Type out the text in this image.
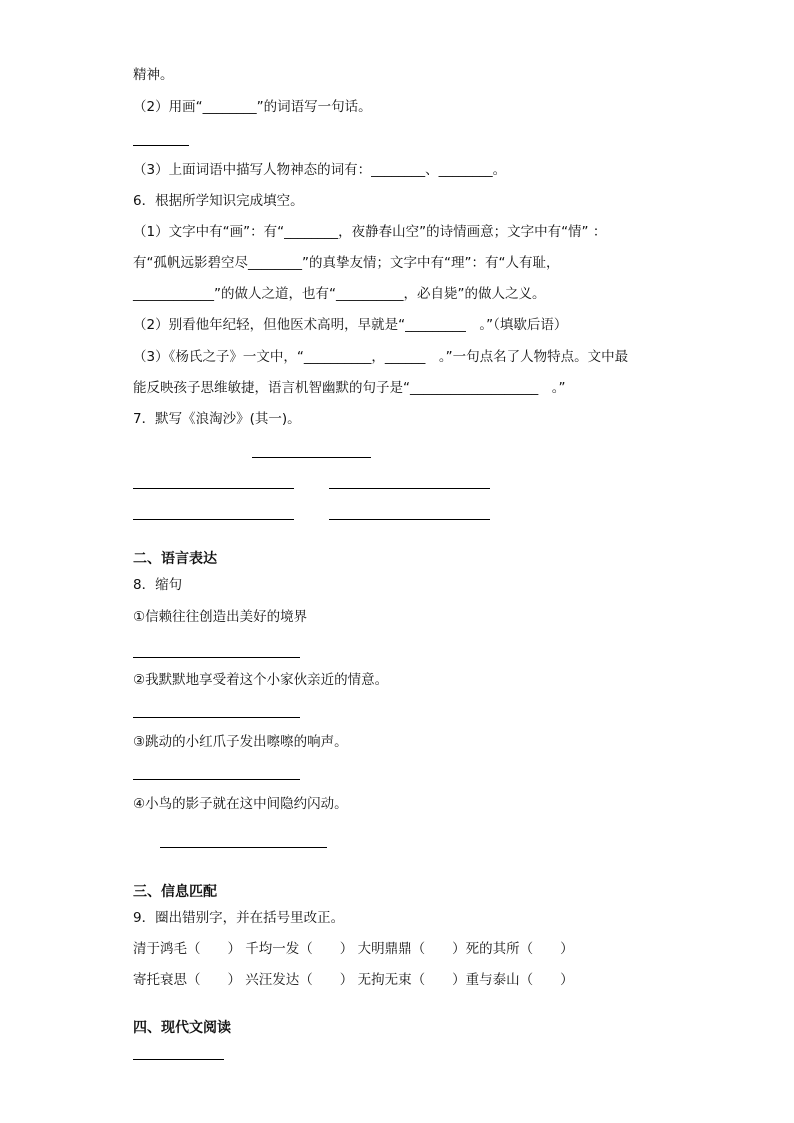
精神。
（2）用画“________”的词语写一句话。
（3）上面词语中描写人物神态的词有：________、________。
6．根据所学知识完成填空。
（1）文字中有“画”：有“________，夜静春山空”的诗情画意；文字中有“情” ：
有“孤帆远影碧空尽________”的真挚友情；文字中有“理”：有“人有耻，
____________”的做人之道，也有“__________，必自毙”的做人之义。
（2）别看他年纪轻，但他医术高明，早就是“_________　。”（填歇后语）
（3）《杨氏之子》一文中，“__________，______　。”一句点名了人物特点。文中最
能反映孩子思维敏捷，语言机智幽默的句子是“___________________　。”
7．默写《浪淘沙》(其一)。
二、语言表达
8．缩句
①信赖往往创造出美好的境界
②我默默地享受着这个小家伙亲近的情意。
③跳动的小红爪子发出嚓嚓的响声。
④小鸟的影子就在这中间隐约闪动。
三、信息匹配
9．圈出错别字，并在括号里改正。
清于鸿毛（　　） 千均一发（　　） 大明鼎鼎（　　）死的其所（　　）
寄托衰思（　　） 兴汪发达（　　） 无拘无束（　　）重与泰山（　　）
四、现代文阅读
